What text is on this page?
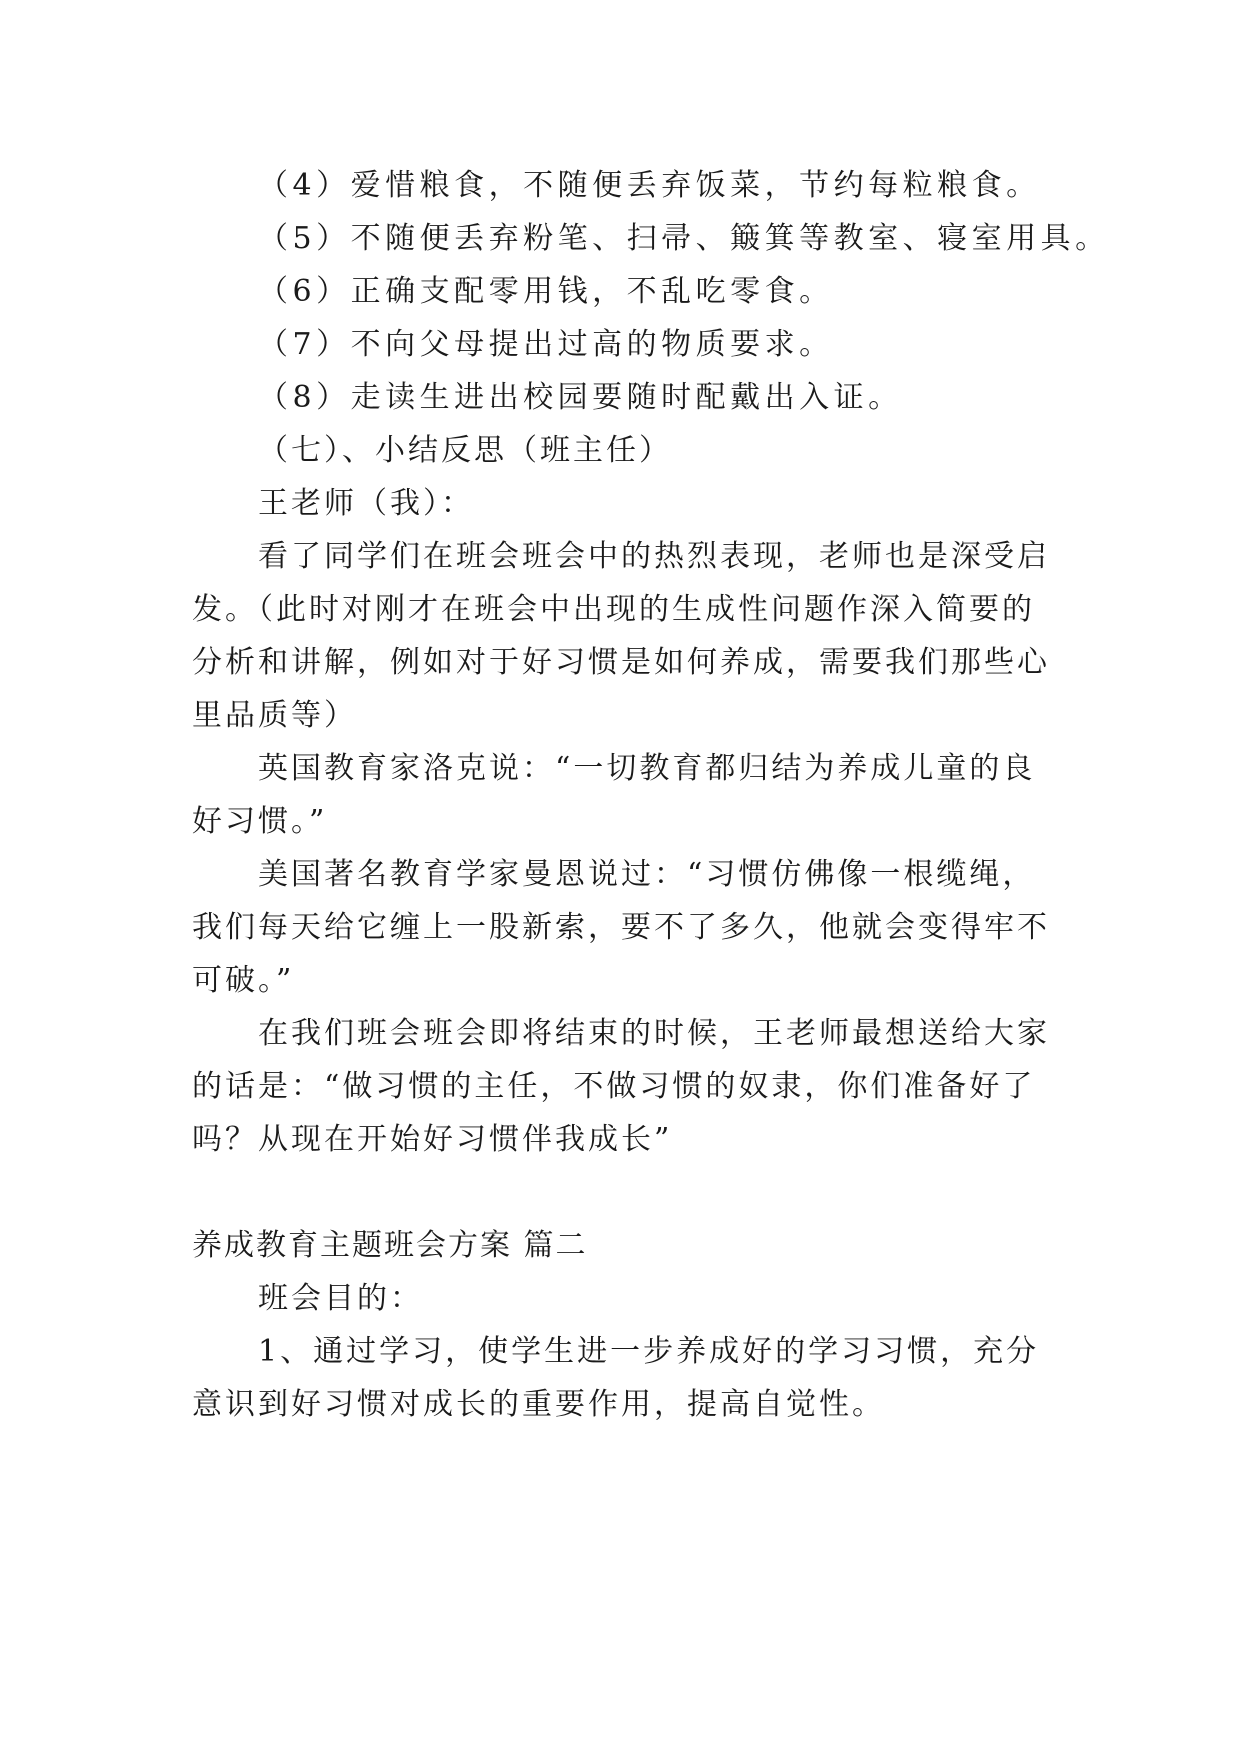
（4）爱惜粮食，不随便丢弃饭菜，节约每粒粮食。
（5）不随便丢弃粉笔、扫帚、簸箕等教室、寝室用具。
（6）正确支配零用钱，不乱吃零食。
（7）不向父母提出过高的物质要求。
（8）走读生进出校园要随时配戴出入证。
（七）、小结反思（班主任）
王老师（我）：
看了同学们在班会班会中的热烈表现，老师也是深受启
发。（此时对刚才在班会中出现的生成性问题作深入简要的
分析和讲解，例如对于好习惯是如何养成，需要我们那些心
里品质等）
英国教育家洛克说：“一切教育都归结为养成儿童的良
好习惯。”
美国著名教育学家曼恩说过：“习惯仿佛像一根缆绳，
我们每天给它缠上一股新索，要不了多久，他就会变得牢不
可破。”
在我们班会班会即将结束的时候，王老师最想送给大家
的话是：“做习惯的主任，不做习惯的奴隶，你们准备好了
吗？从现在开始好习惯伴我成长”
养成教育主题班会方案 篇二
班会目的：
1、通过学习，使学生进一步养成好的学习习惯，充分
意识到好习惯对成长的重要作用，提高自觉性。
